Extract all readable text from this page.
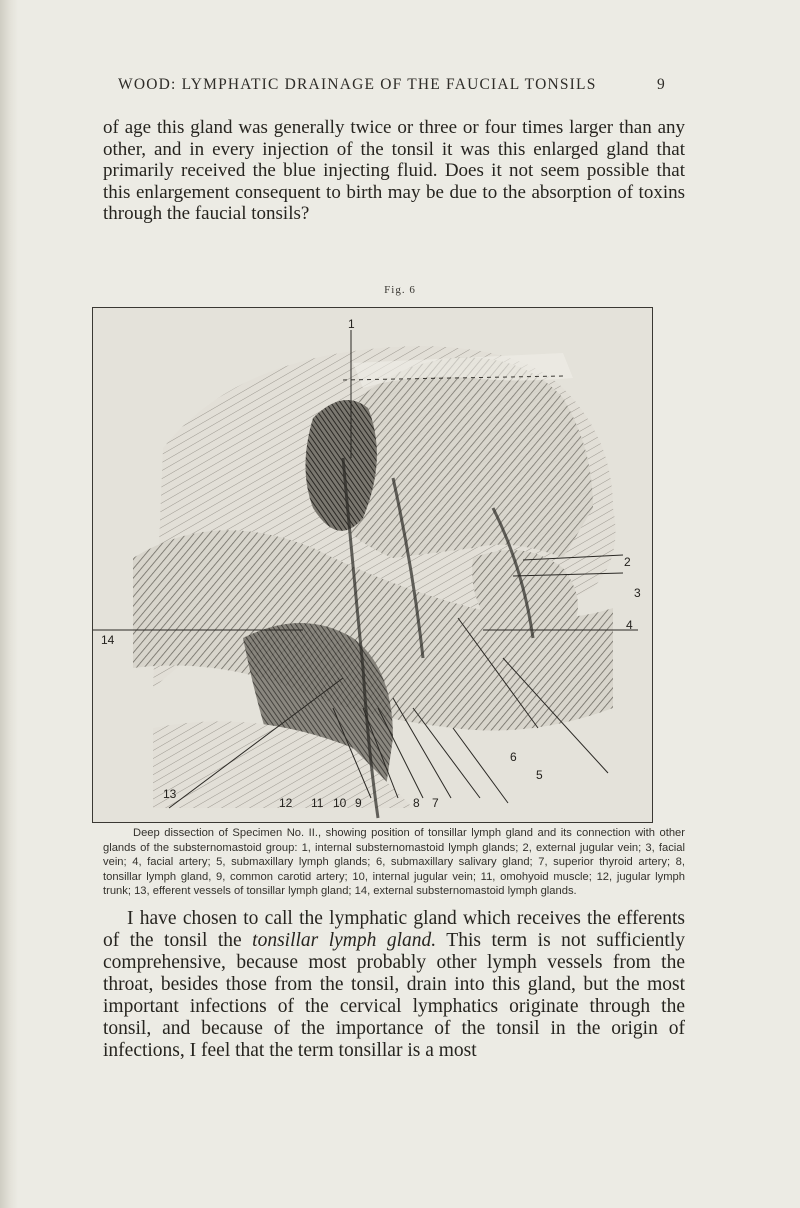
WOOD: LYMPHATIC DRAINAGE OF THE FAUCIAL TONSILS	9

of age this gland was generally twice or three or four times larger than any other, and in every injection of the tonsil it was this enlarged gland that primarily received the blue injecting fluid. Does it not seem possible that this enlargement consequent to birth may be due to the absorption of toxins through the faucial tonsils?

Fig. 6
1
2
3
4
14
6
5
13
12 11 10 9	8 7
Deep dissection of Specimen No. II., showing position of tonsillar lymph gland and its connection with other glands of the substernomastoid group: 1, internal substernomastoid lymph glands; 2, external jugular vein; 3, facial vein; 4, facial artery; 5, submaxillary lymph glands; 6, submaxillary salivary gland; 7, superior thyroid artery; 8, tonsillar lymph gland, 9, common carotid artery; 10, internal jugular vein; 11, omohyoid muscle; 12, jugular lymph trunk; 13, efferent vessels of tonsillar lymph gland; 14, external substernomastoid lymph glands.

I have chosen to call the lymphatic gland which receives the efferents of the tonsil the tonsillar lymph gland. This term is not sufficiently comprehensive, because most probably other lymph vessels from the throat, besides those from the tonsil, drain into this gland, but the most important infections of the cervical lymphatics originate through the tonsil, and because of the importance of the tonsil in the origin of infections, I feel that the term tonsillar is a most
